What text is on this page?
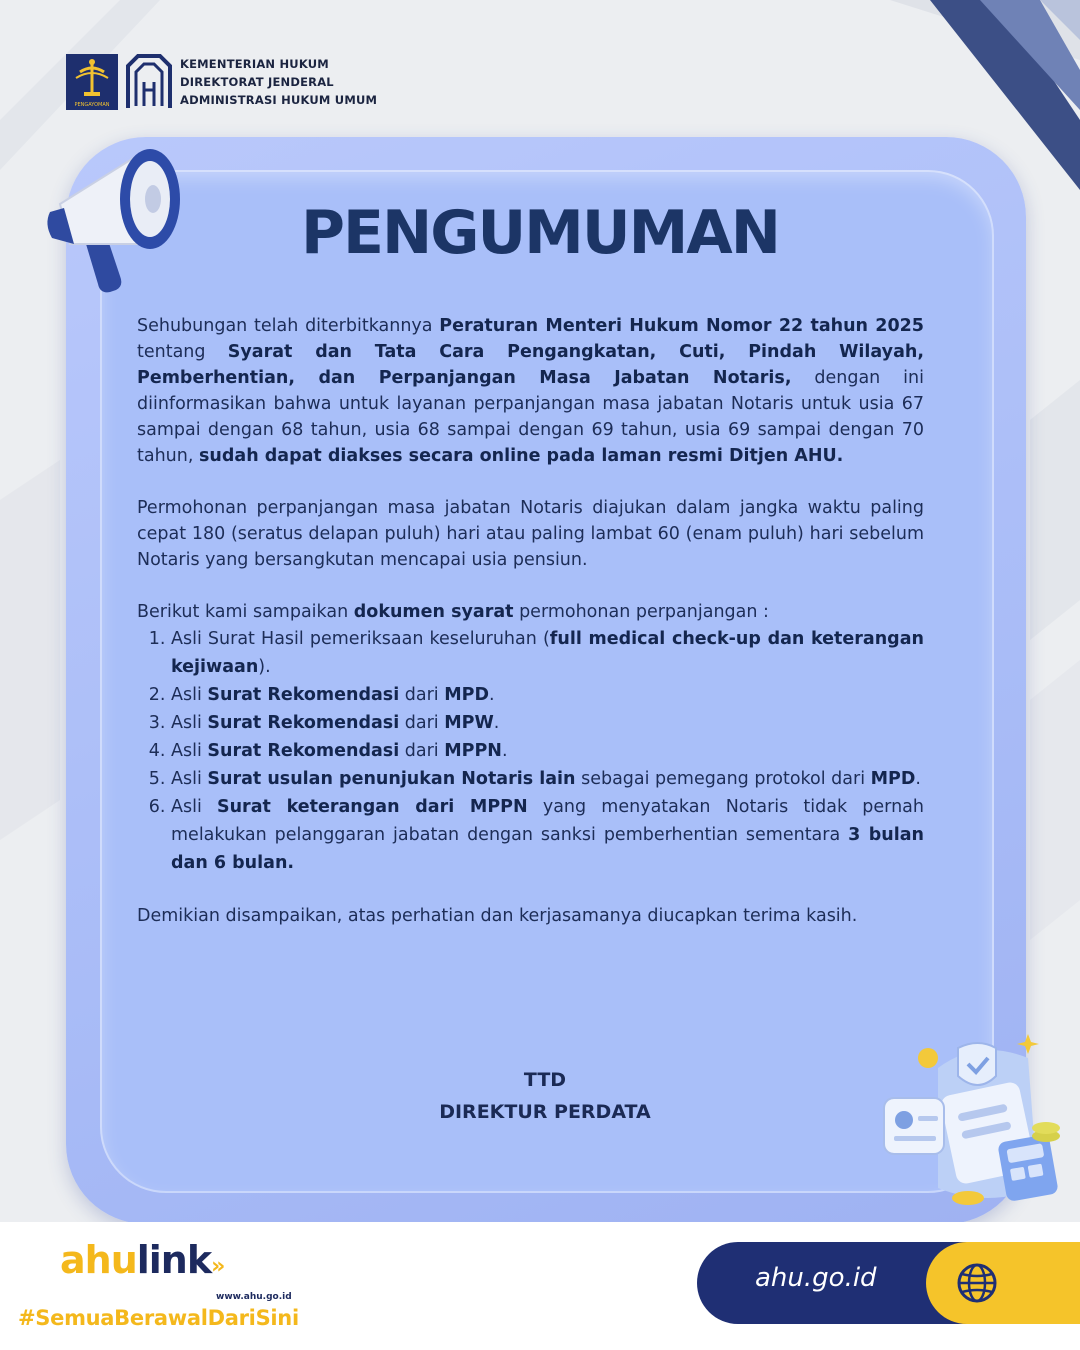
PENGAYOMAN
KEMENTERIAN HUKUM
DIREKTORAT JENDERAL
ADMINISTRASI HUKUM UMUM
PENGUMUMAN

Sehubungan telah diterbitkannya Peraturan Menteri Hukum Nomor 22 tahun 2025 tentang Syarat dan Tata Cara Pengangkatan, Cuti, Pindah Wilayah, Pemberhentian, dan Perpanjangan Masa Jabatan Notaris, dengan ini diinformasikan bahwa untuk layanan perpanjangan masa jabatan Notaris untuk usia 67 sampai dengan 68 tahun, usia 68 sampai dengan 69 tahun, usia 69 sampai dengan 70 tahun, sudah dapat diakses secara online pada laman resmi Ditjen AHU.

Permohonan perpanjangan masa jabatan Notaris diajukan dalam jangka waktu paling cepat 180 (seratus delapan puluh) hari atau paling lambat 60 (enam puluh) hari sebelum Notaris yang bersangkutan mencapai usia pensiun.

Berikut kami sampaikan dokumen syarat permohonan perpanjangan :

1. Asli Surat Hasil pemeriksaan keseluruhan (full medical check-up dan keterangan kejiwaan).
2. Asli Surat Rekomendasi dari MPD.
3. Asli Surat Rekomendasi dari MPW.
4. Asli Surat Rekomendasi dari MPPN.
5. Asli Surat usulan penunjukan Notaris lain sebagai pemegang protokol dari MPD.
6. Asli Surat keterangan dari MPPN yang menyatakan Notaris tidak pernah melakukan pelanggaran jabatan dengan sanksi pemberhentian sementara 3 bulan dan 6 bulan.

Demikian disampaikan, atas perhatian dan kerjasamanya diucapkan terima kasih.

TTD
DIREKTUR PERDATA
ahulink»
www.ahu.go.id
#SemuaBerawalDariSini
ahu.go.id
